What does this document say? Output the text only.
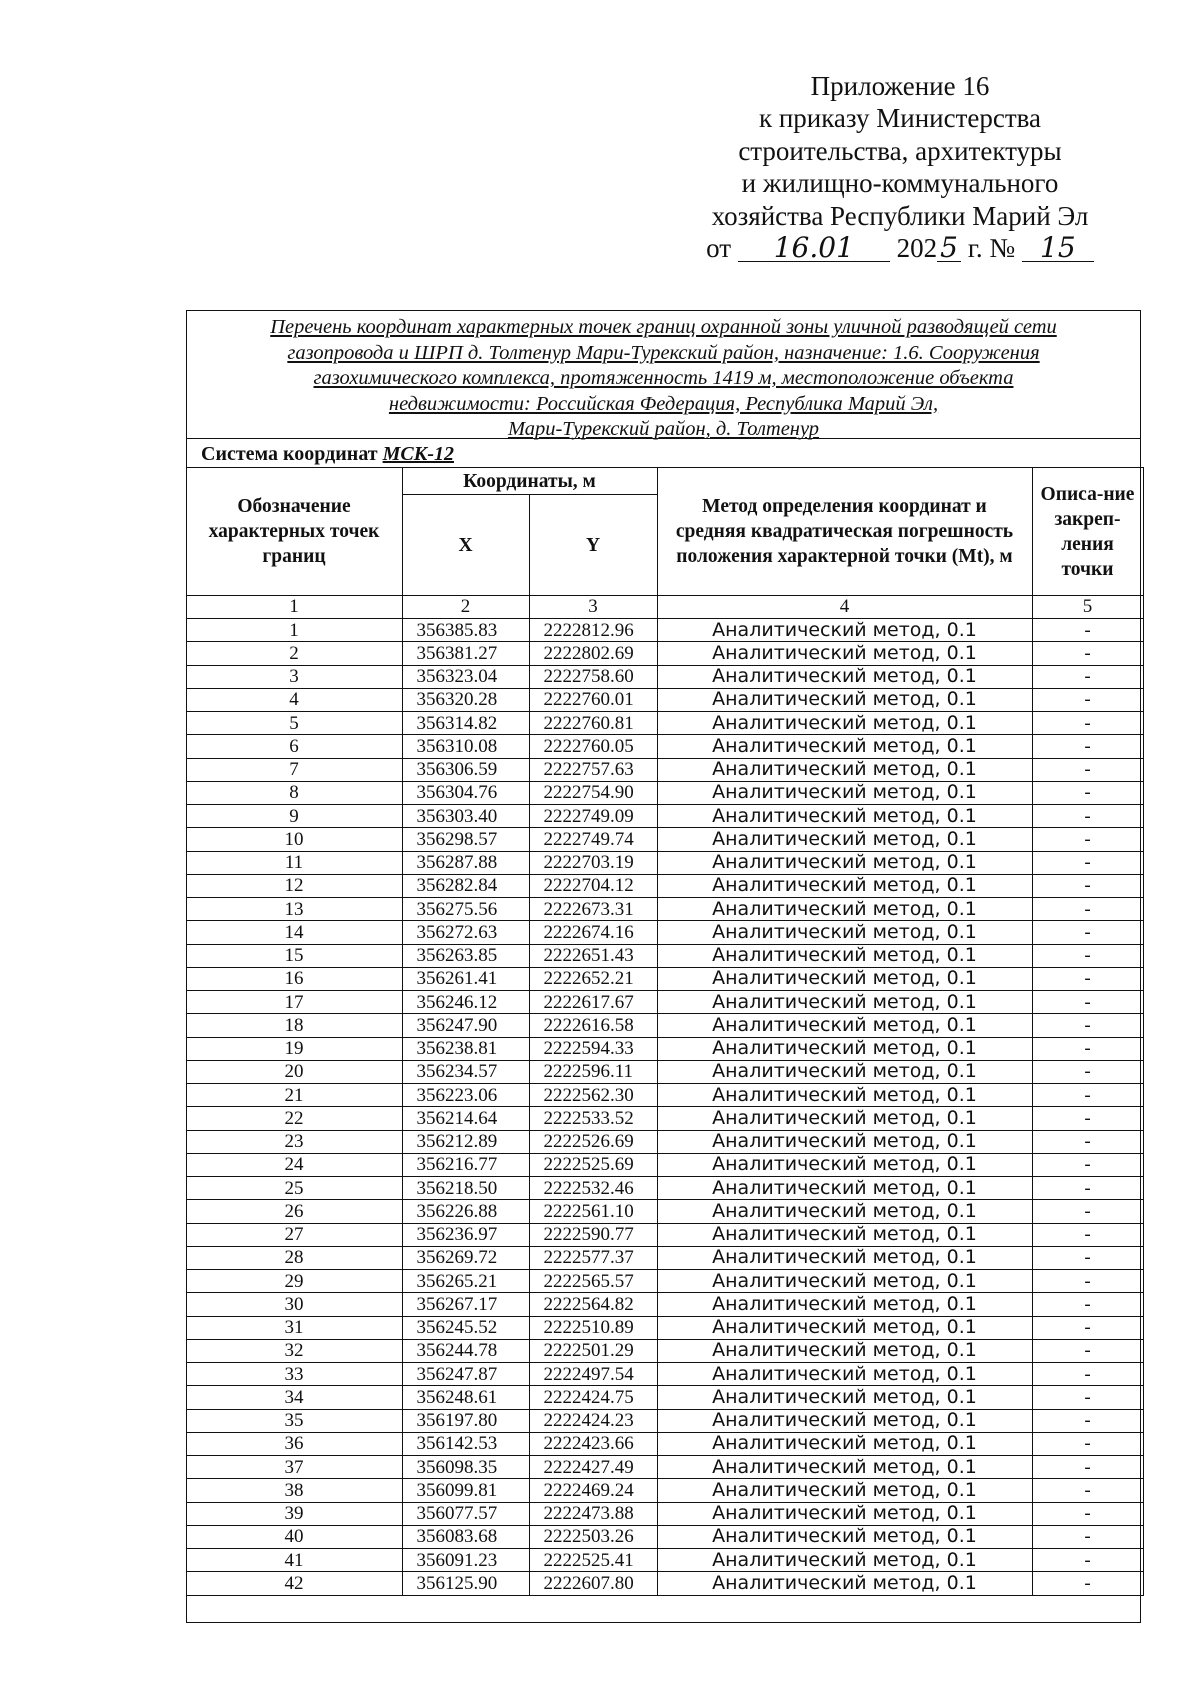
Приложение 16
к приказу Министерства
строительства, архитектуры
и жилищно-коммунального
хозяйства Республики Марий Эл
от 16.01 202 5 г. № 15
Перечень координат характерных точек границ охранной зоны уличной разводящей сети
газопровода и ШРП д. Толтенур Мари-Турекский район, назначение: 1.6. Сооружения
газохимического комплекса, протяженность 1419 м, местоположение объекта
недвижимости: Российская Федерация, Республика Марий Эл,
Мари-Турекский район, д. Толтенур
Система координат МСК-12
Обозначение характерных точек границ	Координаты, м		Метод определения координат и средняя квадратическая погрешность положения характерной точки (Mt), м	Описа-ние закреп-ления точки
	X	Y		
1	2	3	4	5
1	356385.83	2222812.96	Аналитический метод, 0.1	-
2	356381.27	2222802.69	Аналитический метод, 0.1	-
3	356323.04	2222758.60	Аналитический метод, 0.1	-
4	356320.28	2222760.01	Аналитический метод, 0.1	-
5	356314.82	2222760.81	Аналитический метод, 0.1	-
6	356310.08	2222760.05	Аналитический метод, 0.1	-
7	356306.59	2222757.63	Аналитический метод, 0.1	-
8	356304.76	2222754.90	Аналитический метод, 0.1	-
9	356303.40	2222749.09	Аналитический метод, 0.1	-
10	356298.57	2222749.74	Аналитический метод, 0.1	-
11	356287.88	2222703.19	Аналитический метод, 0.1	-
12	356282.84	2222704.12	Аналитический метод, 0.1	-
13	356275.56	2222673.31	Аналитический метод, 0.1	-
14	356272.63	2222674.16	Аналитический метод, 0.1	-
15	356263.85	2222651.43	Аналитический метод, 0.1	-
16	356261.41	2222652.21	Аналитический метод, 0.1	-
17	356246.12	2222617.67	Аналитический метод, 0.1	-
18	356247.90	2222616.58	Аналитический метод, 0.1	-
19	356238.81	2222594.33	Аналитический метод, 0.1	-
20	356234.57	2222596.11	Аналитический метод, 0.1	-
21	356223.06	2222562.30	Аналитический метод, 0.1	-
22	356214.64	2222533.52	Аналитический метод, 0.1	-
23	356212.89	2222526.69	Аналитический метод, 0.1	-
24	356216.77	2222525.69	Аналитический метод, 0.1	-
25	356218.50	2222532.46	Аналитический метод, 0.1	-
26	356226.88	2222561.10	Аналитический метод, 0.1	-
27	356236.97	2222590.77	Аналитический метод, 0.1	-
28	356269.72	2222577.37	Аналитический метод, 0.1	-
29	356265.21	2222565.57	Аналитический метод, 0.1	-
30	356267.17	2222564.82	Аналитический метод, 0.1	-
31	356245.52	2222510.89	Аналитический метод, 0.1	-
32	356244.78	2222501.29	Аналитический метод, 0.1	-
33	356247.87	2222497.54	Аналитический метод, 0.1	-
34	356248.61	2222424.75	Аналитический метод, 0.1	-
35	356197.80	2222424.23	Аналитический метод, 0.1	-
36	356142.53	2222423.66	Аналитический метод, 0.1	-
37	356098.35	2222427.49	Аналитический метод, 0.1	-
38	356099.81	2222469.24	Аналитический метод, 0.1	-
39	356077.57	2222473.88	Аналитический метод, 0.1	-
40	356083.68	2222503.26	Аналитический метод, 0.1	-
41	356091.23	2222525.41	Аналитический метод, 0.1	-
42	356125.90	2222607.80	Аналитический метод, 0.1	-
